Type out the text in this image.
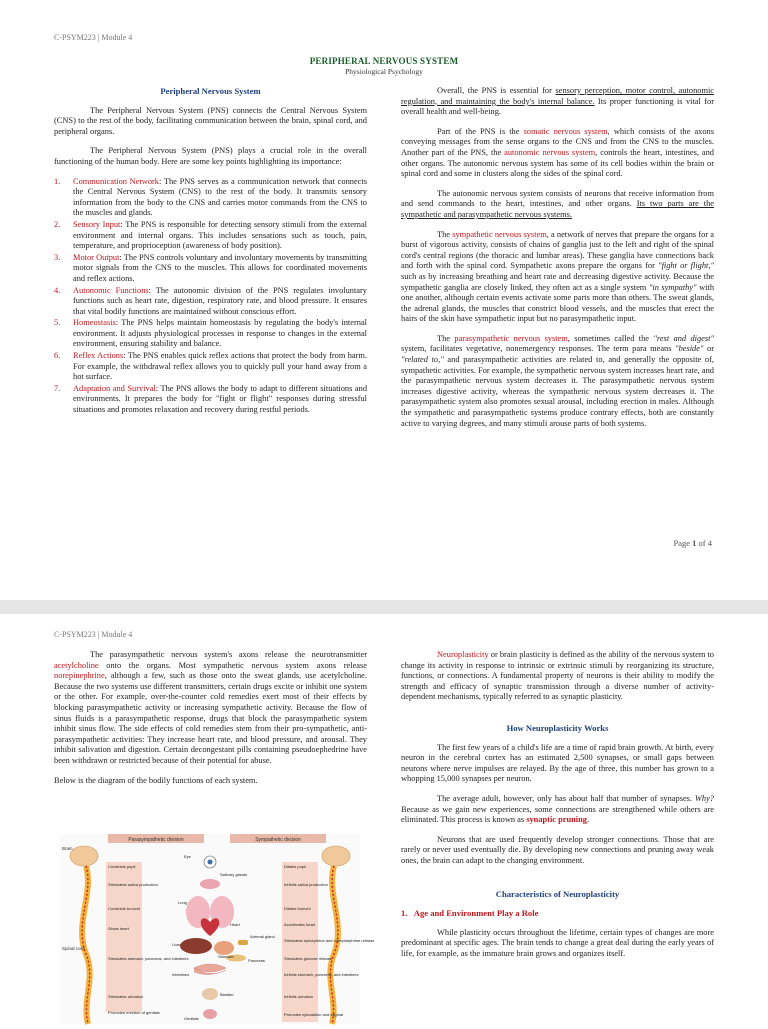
C-PSYM223 | Module 4
PERIPHERAL NERVOUS SYSTEM
Physiological Psychology

Peripheral Nervous System

The Peripheral Nervous System (PNS) connects the Central Nervous System (CNS) to the rest of the body, facilitating communication between the brain, spinal cord, and peripheral organs.

The Peripheral Nervous System (PNS) plays a crucial role in the overall functioning of the human body. Here are some key points highlighting its importance:

1. Communication Network: The PNS serves as a communication network that connects the Central Nervous System (CNS) to the rest of the body. It transmits sensory information from the body to the CNS and carries motor commands from the CNS to the muscles and glands.
2. Sensory Input: The PNS is responsible for detecting sensory stimuli from the external environment and internal organs. This includes sensations such as touch, pain, temperature, and proprioception (awareness of body position).
3. Motor Output: The PNS controls voluntary and involuntary movements by transmitting motor signals from the CNS to the muscles. This allows for coordinated movements and reflex actions.
4. Autonomic Functions: The autonomic division of the PNS regulates involuntary functions such as heart rate, digestion, respiratory rate, and blood pressure. It ensures that vital bodily functions are maintained without conscious effort.
5. Homeostasis: The PNS helps maintain homeostasis by regulating the body's internal environment. It adjusts physiological processes in response to changes in the external environment, ensuring stability and balance.
6. Reflex Actions: The PNS enables quick reflex actions that protect the body from harm. For example, the withdrawal reflex allows you to quickly pull your hand away from a hot surface.
7. Adaptation and Survival: The PNS allows the body to adapt to different situations and environments. It prepares the body for "fight or flight" responses during stressful situations and promotes relaxation and recovery during restful periods.

Overall, the PNS is essential for sensory perception, motor control, autonomic regulation, and maintaining the body's internal balance. Its proper functioning is vital for overall health and well-being.

Part of the PNS is the somatic nervous system, which consists of the axons conveying messages from the sense organs to the CNS and from the CNS to the muscles. Another part of the PNS, the autonomic nervous system, controls the heart, intestines, and other organs. The autonomic nervous system has some of its cell bodies within the brain or spinal cord and some in clusters along the sides of the spinal cord.

The autonomic nervous system consists of neurons that receive information from and send commands to the heart, intestines, and other organs. Its two parts are the sympathetic and parasympathetic nervous systems.

The sympathetic nervous system, a network of nerves that prepare the organs for a burst of vigorous activity, consists of chains of ganglia just to the left and right of the spinal cord's central regions (the thoracic and lumbar areas). These ganglia have connections back and forth with the spinal cord. Sympathetic axons prepare the organs for "fight or flight," such as by increasing breathing and heart rate and decreasing digestive activity. Because the sympathetic ganglia are closely linked, they often act as a single system "in sympathy" with one another, although certain events activate some parts more than others. The sweat glands, the adrenal glands, the muscles that constrict blood vessels, and the muscles that erect the hairs of the skin have sympathetic input but no parasympathetic input.

The parasympathetic nervous system, sometimes called the "rest and digest" system, facilitates vegetative, nonemergency responses. The term para means "beside" or "related to," and parasympathetic activities are related to, and generally the opposite of, sympathetic activities. For example, the sympathetic nervous system increases heart rate, and the parasympathetic nervous system decreases it. The parasympathetic nervous system increases digestive activity, whereas the sympathetic nervous system decreases it. The parasympathetic system also promotes sexual arousal, including erection in males. Although the sympathetic and parasympathetic systems produce contrary effects, both are constantly active to varying degrees, and many stimuli arouse parts of both systems.

Page 1 of 4
C-PSYM223 | Module 4

The parasympathetic nervous system's axons release the neurotransmitter acetylcholine onto the organs. Most sympathetic nervous system axons release norepinephrine, although a few, such as those onto the sweat glands, use acetylcholine. Because the two systems use different transmitters, certain drugs excite or inhibit one system or the other. For example, over-the-counter cold remedies exert most of their effects by blocking parasympathetic activity or increasing sympathetic activity. Because the flow of sinus fluids is a parasympathetic response, drugs that block the parasympathetic system inhibit sinus flow. The side effects of cold remedies stem from their pro-sympathetic, anti-parasympathetic activities: They increase heart rate, and blood pressure, and arousal. They inhibit salivation and digestion. Certain decongestant pills containing pseudoephedrine have been withdrawn or restricted because of their potential for abuse.

Below is the diagram of the bodily functions of each system.

Parasympathetic division	Sympathetic division
Brain
Spinal cord
Constricts pupil
Stimulates saliva production
Constricts bronchi
Slows heart
Stimulates stomach, pancreas, and intestines
Stimulates urination
Promotes erection of genitals
Dilates pupil
Inhibits saliva production
Dilates bronchi
Accelerates heart
Stimulates epinephrine and norepinephrine release
Stimulates glucose release
Inhibits stomach, pancreas, and intestines
Inhibits urination
Promotes ejaculation and vaginal
Eye
Salivary glands
Lung
Heart
Adrenal gland
Liver
Stomach
Pancreas
Intestines
Bladder
Genitals

Neuroplasticity or brain plasticity is defined as the ability of the nervous system to change its activity in response to intrinsic or extrinsic stimuli by reorganizing its structure, functions, or connections. A fundamental property of neurons is their ability to modify the strength and efficacy of synaptic transmission through a diverse number of activity-dependent mechanisms, typically referred to as synaptic plasticity.

How Neuroplasticity Works

The first few years of a child's life are a time of rapid brain growth. At birth, every neuron in the cerebral cortex has an estimated 2,500 synapses, or small gaps between neurons where nerve impulses are relayed. By the age of three, this number has grown to a whopping 15,000 synapses per neuron.

The average adult, however, only has about half that number of synapses. Why? Because as we gain new experiences, some connections are strengthened while others are eliminated. This process is known as synaptic pruning.

Neurons that are used frequently develop stronger connections. Those that are rarely or never used eventually die. By developing new connections and pruning away weak ones, the brain can adapt to the changing environment.

Characteristics of Neuroplasticity

1. Age and Environment Play a Role

While plasticity occurs throughout the lifetime, certain types of changes are more predominant at specific ages. The brain tends to change a great deal during the early years of life, for example, as the immature brain grows and organizes itself.
